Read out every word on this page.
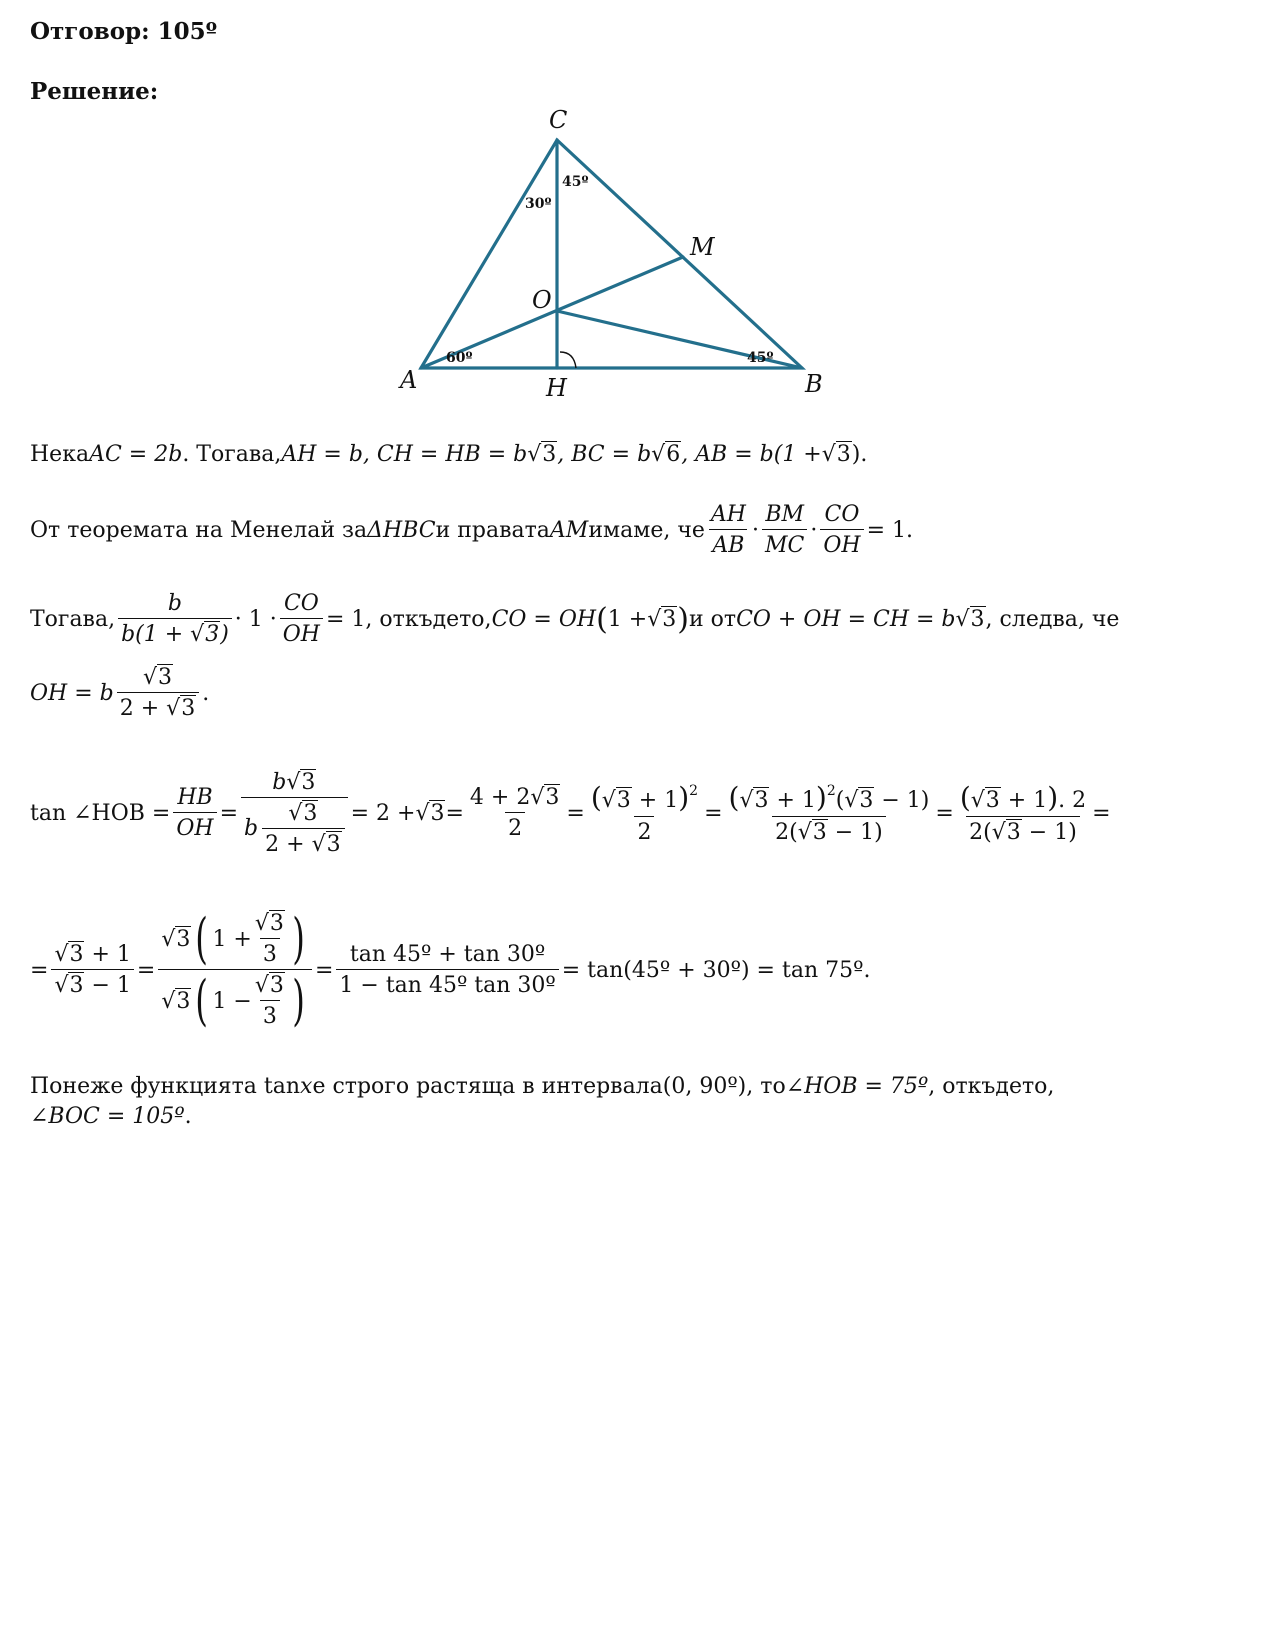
Отговор: 105º
Решение:
C
M
O
A	H	B
45º
30º
60º	45º
Нека AC = 2b . Тогава, AH = b, CH = HB = b √ 3 , BC = b √ 6 , AB = b(1 + √ 3 ).
От теоремата на Менелай за ΔHBC и правата AM имаме, че $\frac{AH}{AB} \cdot \frac{BM}{MC} \cdot \frac{CO}{OH} = 1$.
Тогава, $\frac{b}{b(1 + √3)} \cdot 1 \cdot \frac{CO}{OH} = 1$, откъдето, CO = OH ( 1 + √ 3 ) и от CO + OH = CH = b √ 3 , следва, че
OH = b $\frac{√3}{2 + √3}$ .
tan ∠HOB = $\frac{HB}{OH} = \frac{b√3}{b \frac{√3}{2 + √3}} = 2$ + √ $3 = \frac{4 + 2√3}{2} = \frac{(√3 + 1)^2}{2} = \frac{(√3 + 1)^2(√3 - 1)}{2(√3 - 1)} = \frac{(√3 + 1). 2}{2(√3 - 1)}$ =
= $\frac{√3 + 1}{√3 - 1} = \frac{√ 3 ( 1 + \frac{√3}{3} )}{√ 3 ( 1 - \frac{√3}{3} )} = \frac{\text{tan 45º + tan 30º}}{\text{1 − tan 45º tan 30º}}$ = tan(45º + 30º) = tan 75º.
Понеже функцията tan x е строго растяща в интервала (0, 90º) , то ∠HOB = 75º , откъдето,
∠BOC = 105º .
